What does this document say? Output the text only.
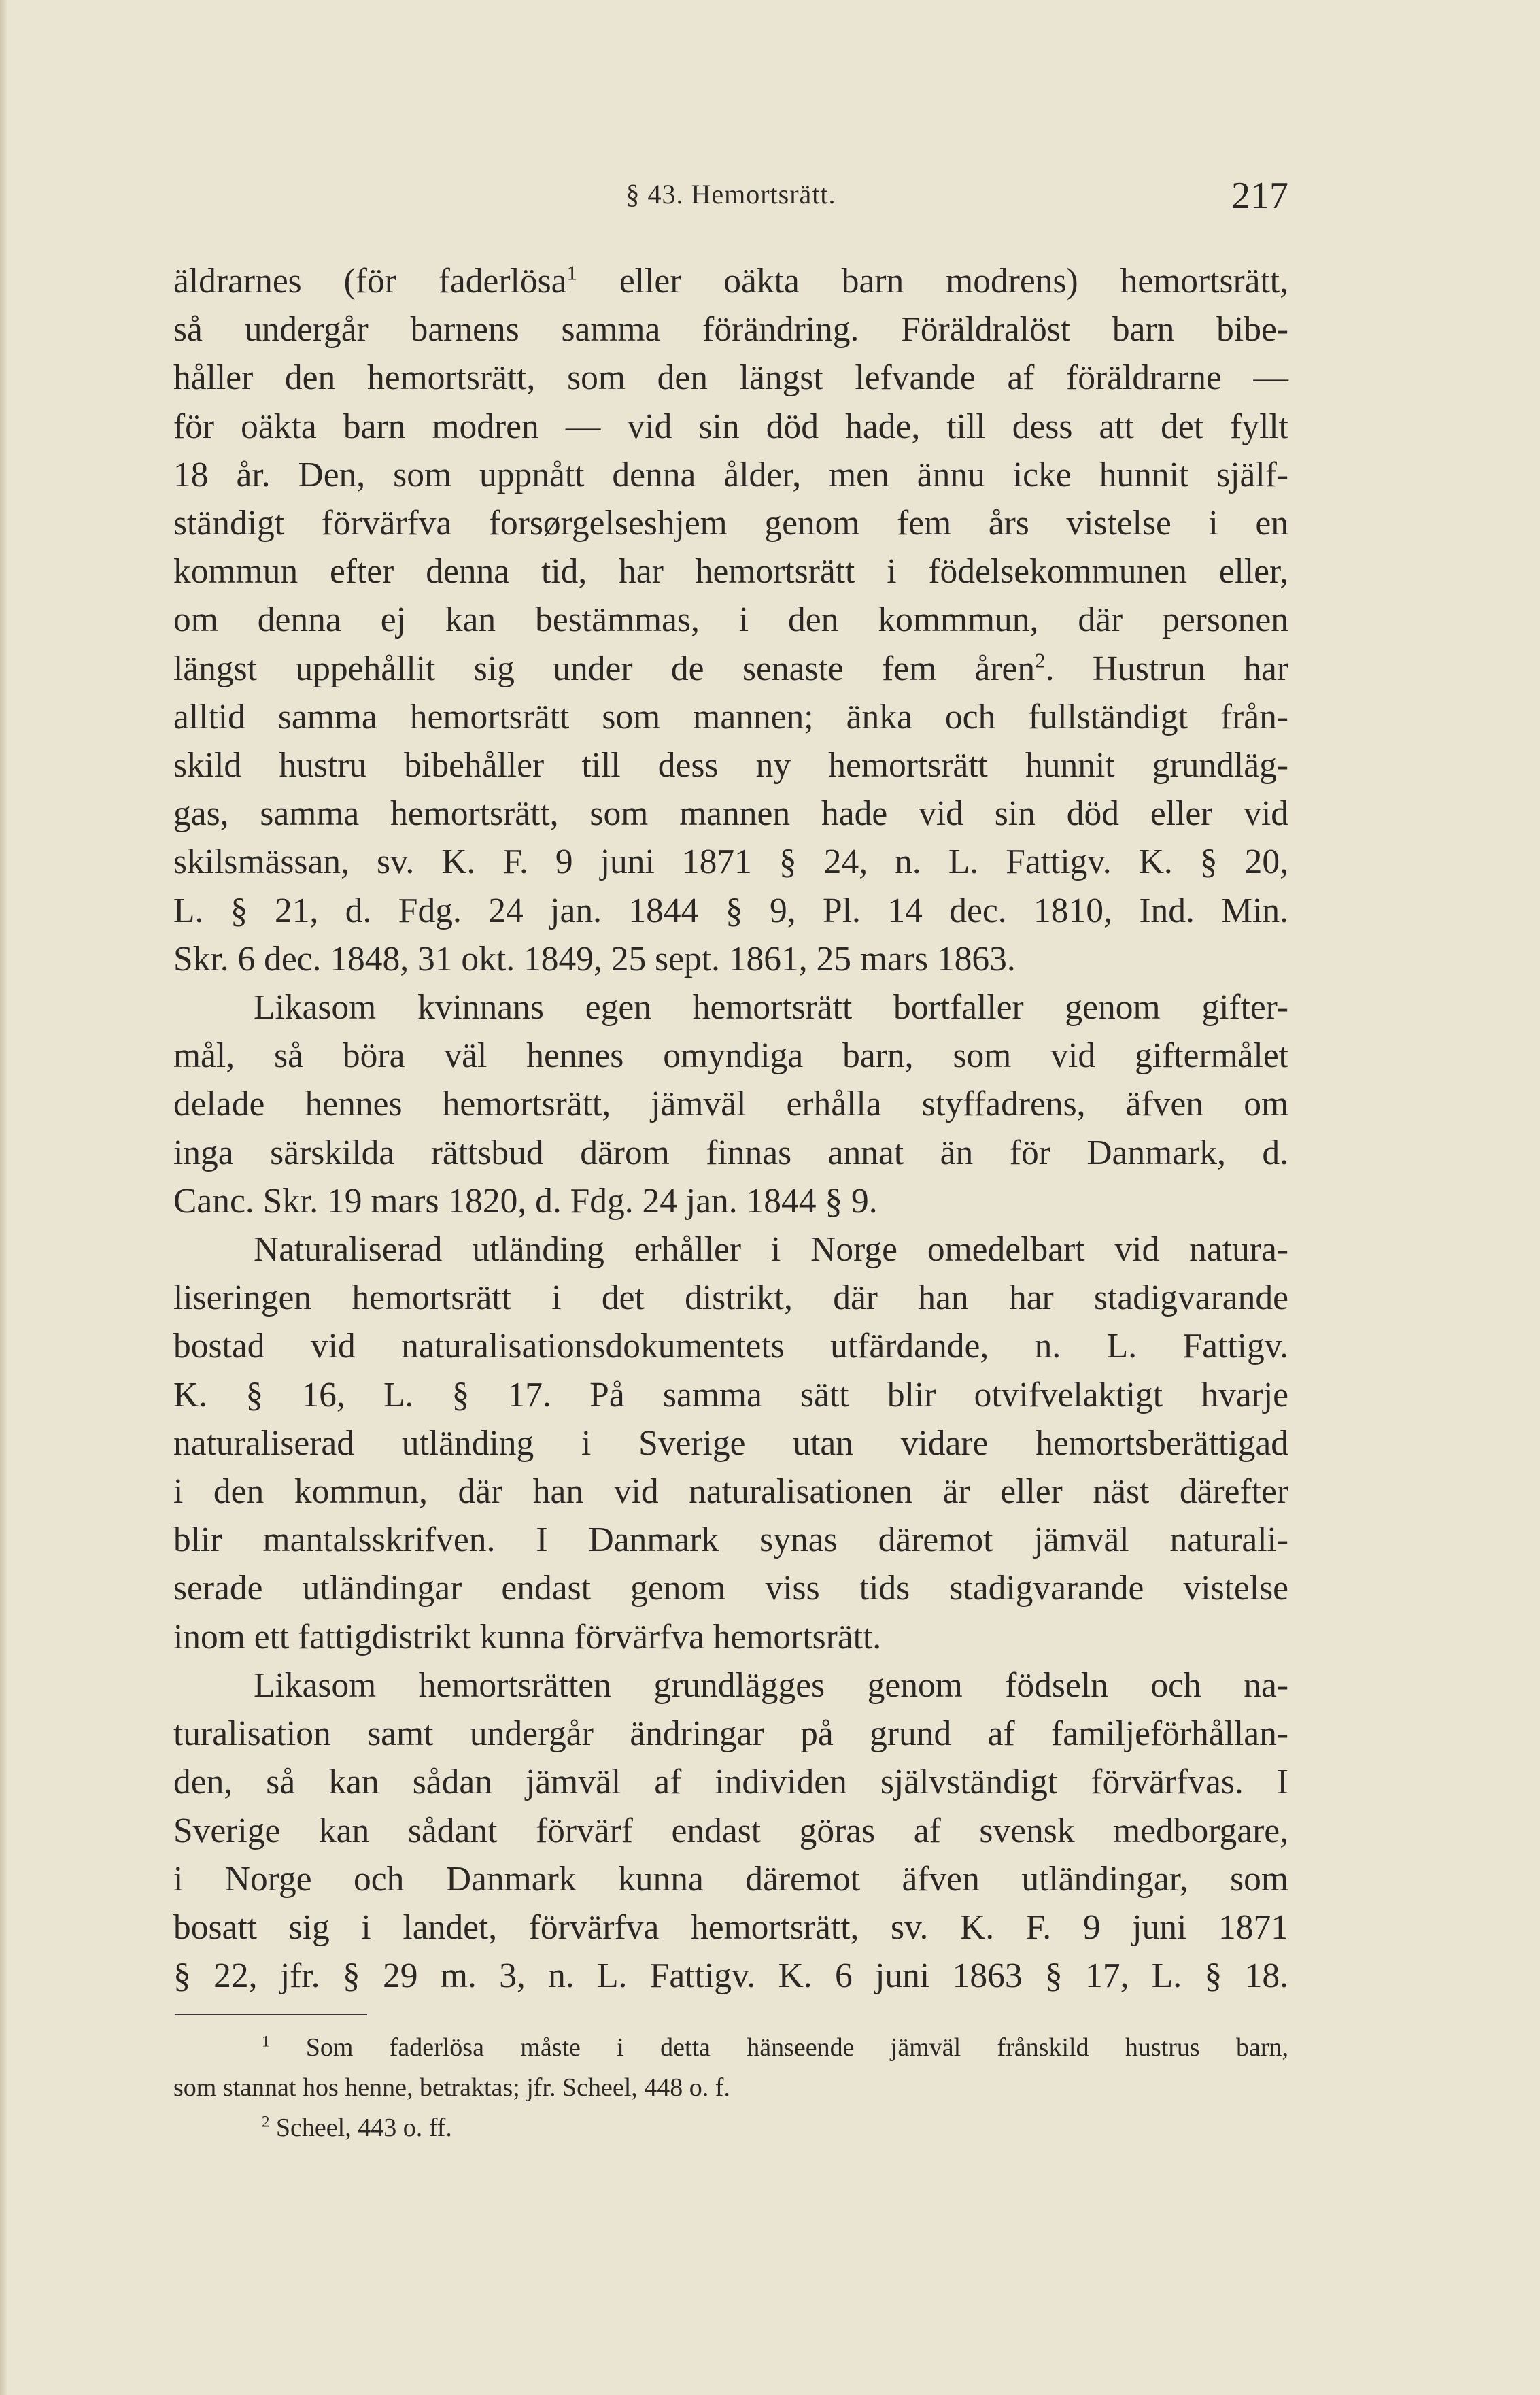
§ 43. Hemortsrätt.	217
äldrarnes (för faderlösa$^1$ eller oäkta barn modrens) hemortsrätt,
så undergår barnens samma förändring. Föräldralöst barn bibe-
håller den hemortsrätt, som den längst lefvande af föräldrarne —
för oäkta barn modren — vid sin död hade, till dess att det fyllt
18 år. Den, som uppnått denna ålder, men ännu icke hunnit själf-
ständigt förvärfva forsørgelseshjem genom fem års vistelse i en
kommun efter denna tid, har hemortsrätt i födelsekommunen eller,
om denna ej kan bestämmas, i den kommmun, där personen
längst uppehållit sig under de senaste fem åren$^2$. Hustrun har
alltid samma hemortsrätt som mannen; änka och fullständigt från-
skild hustru bibehåller till dess ny hemortsrätt hunnit grundläg-
gas, samma hemortsrätt, som mannen hade vid sin död eller vid
skilsmässan, sv. K. F. 9 juni 1871 § 24, n. L. Fattigv. K. § 20,
L. § 21, d. Fdg. 24 jan. 1844 § 9, Pl. 14 dec. 1810, Ind. Min.
Skr. 6 dec. 1848, 31 okt. 1849, 25 sept. 1861, 25 mars 1863.
Likasom kvinnans egen hemortsrätt bortfaller genom gifter-
mål, så böra väl hennes omyndiga barn, som vid giftermålet
delade hennes hemortsrätt, jämväl erhålla styffadrens, äfven om
inga särskilda rättsbud därom finnas annat än för Danmark, d.
Canc. Skr. 19 mars 1820, d. Fdg. 24 jan. 1844 § 9.
Naturaliserad utländing erhåller i Norge omedelbart vid natura-
liseringen hemortsrätt i det distrikt, där han har stadigvarande
bostad vid naturalisationsdokumentets utfärdande, n. L. Fattigv.
K. § 16, L. § 17. På samma sätt blir otvifvelaktigt hvarje
naturaliserad utländing i Sverige utan vidare hemortsberättigad
i den kommun, där han vid naturalisationen är eller näst därefter
blir mantalsskrifven. I Danmark synas däremot jämväl naturali-
serade utländingar endast genom viss tids stadigvarande vistelse
inom ett fattigdistrikt kunna förvärfva hemortsrätt.
Likasom hemortsrätten grundlägges genom födseln och na-
turalisation samt undergår ändringar på grund af familjeförhållan-
den, så kan sådan jämväl af individen självständigt förvärfvas. I
Sverige kan sådant förvärf endast göras af svensk medborgare,
i Norge och Danmark kunna däremot äfven utländingar, som
bosatt sig i landet, förvärfva hemortsrätt, sv. K. F. 9 juni 1871
§ 22, jfr. § 29 m. 3, n. L. Fattigv. K. 6 juni 1863 § 17, L. § 18.
$^1$ Som faderlösa måste i detta hänseende jämväl frånskild hustrus barn,
som stannat hos henne, betraktas; jfr. Scheel, 448 o. f.
$^2$ Scheel, 443 o. ff.
